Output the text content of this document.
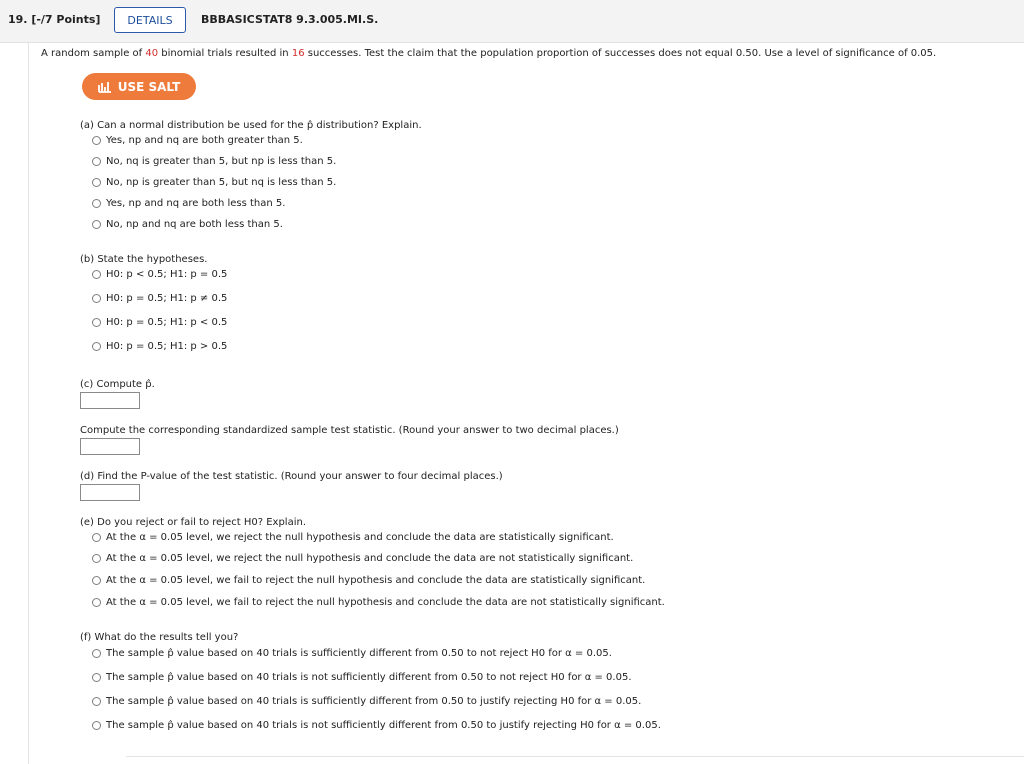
19. [-/7 Points]	DETAILS	BBBASICSTAT8 9.3.005.MI.S.
A random sample of 40 binomial trials resulted in 16 successes. Test the claim that the population proportion of successes does not equal 0.50. Use a level of significance of 0.05.
USE SALT
(a) Can a normal distribution be used for the p̂ distribution? Explain.
Yes, np and nq are both greater than 5.
No, nq is greater than 5, but np is less than 5.
No, np is greater than 5, but nq is less than 5.
Yes, np and nq are both less than 5.
No, np and nq are both less than 5.
(b) State the hypotheses.
H0: p < 0.5; H1: p = 0.5
H0: p = 0.5; H1: p ≠ 0.5
H0: p = 0.5; H1: p < 0.5
H0: p = 0.5; H1: p > 0.5
(c) Compute p̂.
Compute the corresponding standardized sample test statistic. (Round your answer to two decimal places.)
(d) Find the P-value of the test statistic. (Round your answer to four decimal places.)
(e) Do you reject or fail to reject H0? Explain.
At the α = 0.05 level, we reject the null hypothesis and conclude the data are statistically significant.
At the α = 0.05 level, we reject the null hypothesis and conclude the data are not statistically significant.
At the α = 0.05 level, we fail to reject the null hypothesis and conclude the data are statistically significant.
At the α = 0.05 level, we fail to reject the null hypothesis and conclude the data are not statistically significant.
(f) What do the results tell you?
The sample p̂ value based on 40 trials is sufficiently different from 0.50 to not reject H0 for α = 0.05.
The sample p̂ value based on 40 trials is not sufficiently different from 0.50 to not reject H0 for α = 0.05.
The sample p̂ value based on 40 trials is sufficiently different from 0.50 to justify rejecting H0 for α = 0.05.
The sample p̂ value based on 40 trials is not sufficiently different from 0.50 to justify rejecting H0 for α = 0.05.
